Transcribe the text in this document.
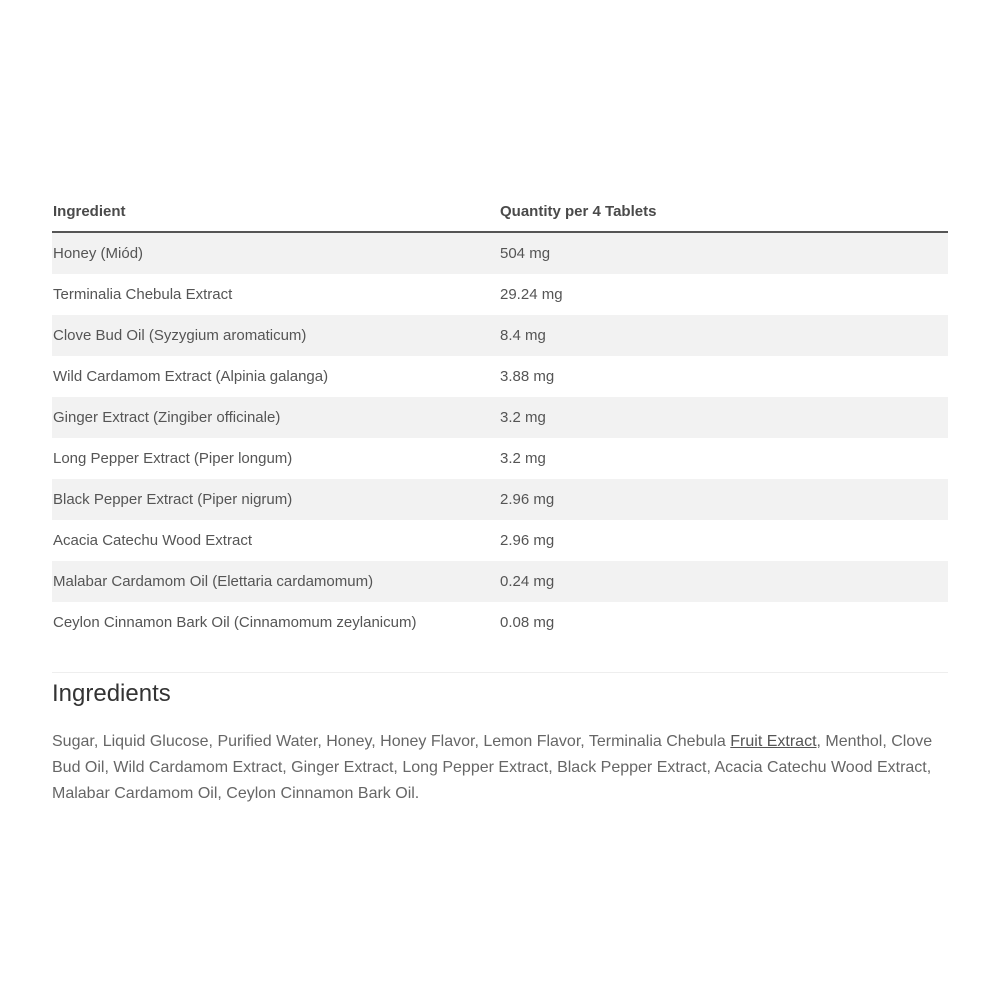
Ingredient	Quantity per 4 Tablets
Honey (Miód)	504 mg
Terminalia Chebula Extract	29.24 mg
Clove Bud Oil (Syzygium aromaticum)	8.4 mg
Wild Cardamom Extract (Alpinia galanga)	3.88 mg
Ginger Extract (Zingiber officinale)	3.2 mg
Long Pepper Extract (Piper longum)	3.2 mg
Black Pepper Extract (Piper nigrum)	2.96 mg
Acacia Catechu Wood Extract	2.96 mg
Malabar Cardamom Oil (Elettaria cardamomum)	0.24 mg
Ceylon Cinnamon Bark Oil (Cinnamomum zeylanicum)	0.08 mg
Ingredients

Sugar, Liquid Glucose, Purified Water, Honey, Honey Flavor, Lemon Flavor, Terminalia Chebula Fruit Extract, Menthol, Clove Bud Oil, Wild Cardamom Extract, Ginger Extract, Long Pepper Extract, Black Pepper Extract, Acacia Catechu Wood Extract, Malabar Cardamom Oil, Ceylon Cinnamon Bark Oil.
